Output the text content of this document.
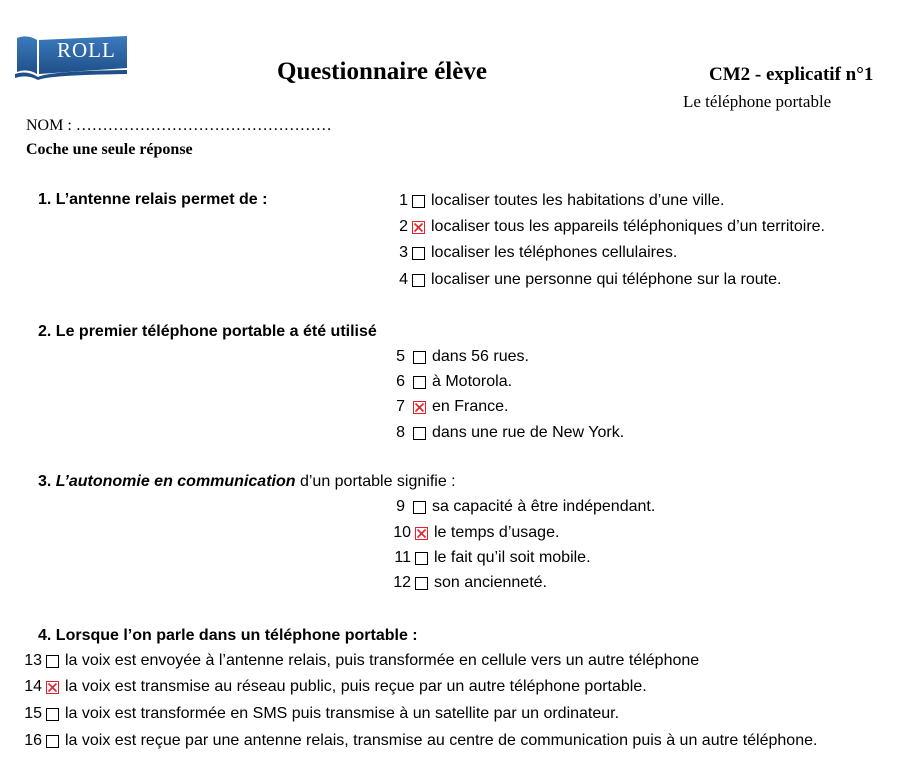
ROLL
Questionnaire élève	CM2 - explicatif n°1
Le téléphone portable
NOM : …………………………………………
Coche une seule réponse
1. L’antenne relais permet de :	1 localiser toutes les habitations d’une ville.
2 localiser tous les appareils téléphoniques d’un territoire.
3 localiser les téléphones cellulaires.
4 localiser une personne qui téléphone sur la route.
2. Le premier téléphone portable a été utilisé
5 dans 56 rues.
6 à Motorola.
7 en France.
8 dans une rue de New York.
3. L’autonomie en communication d’un portable signifie :
9 sa capacité à être indépendant.
10 le temps d’usage.
11 le fait qu’il soit mobile.
12 son ancienneté.
4. Lorsque l’on parle dans un téléphone portable :
13 la voix est envoyée à l’antenne relais, puis transformée en cellule vers un autre téléphone
14 la voix est transmise au réseau public, puis reçue par un autre téléphone portable.
15 la voix est transformée en SMS puis transmise à un satellite par un ordinateur.
16 la voix est reçue par une antenne relais, transmise au centre de communication puis à un autre téléphone.
